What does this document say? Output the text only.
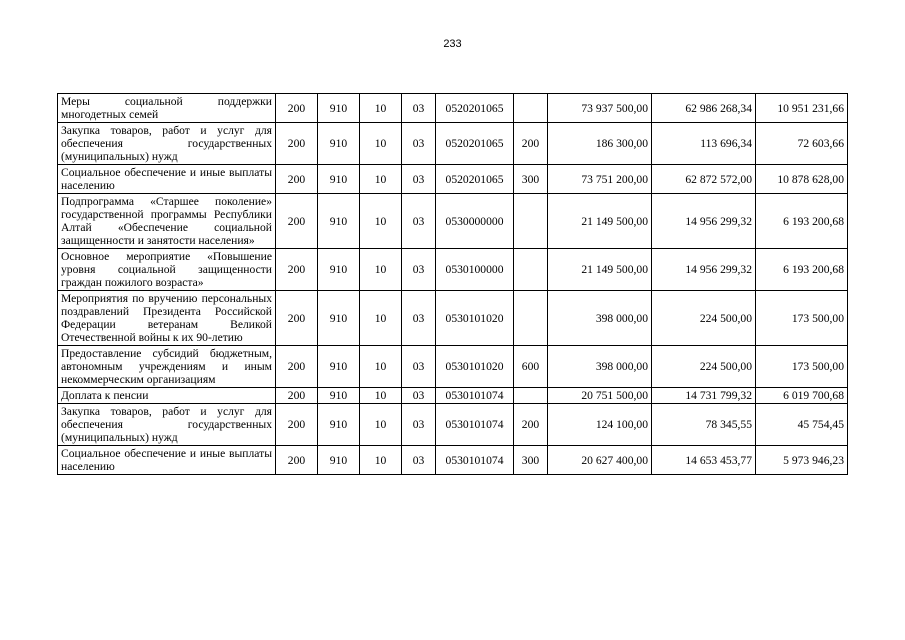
233
Меры социальной поддержки многодетных семей	200	910	10	03	0520201065		73 937 500,00	62 986 268,34	10 951 231,66
Закупка товаров, работ и услуг для обеспечения государственных (муниципальных) нужд	200	910	10	03	0520201065	200	186 300,00	113 696,34	72 603,66
Социальное обеспечение и иные выплаты населению	200	910	10	03	0520201065	300	73 751 200,00	62 872 572,00	10 878 628,00
Подпрограмма «Старшее поколение» государственной программы Республики Алтай «Обеспечение социальной защищенности и занятости населения»	200	910	10	03	0530000000		21 149 500,00	14 956 299,32	6 193 200,68
Основное мероприятие «Повышение уровня социальной защищенности граждан пожилого возраста»	200	910	10	03	0530100000		21 149 500,00	14 956 299,32	6 193 200,68
Мероприятия по вручению персональных поздравлений Президента Российской Федерации ветеранам Великой Отечественной войны к их 90-летию	200	910	10	03	0530101020		398 000,00	224 500,00	173 500,00
Предоставление субсидий бюджетным, автономным учреждениям и иным некоммерческим организациям	200	910	10	03	0530101020	600	398 000,00	224 500,00	173 500,00
Доплата к пенсии	200	910	10	03	0530101074		20 751 500,00	14 731 799,32	6 019 700,68
Закупка товаров, работ и услуг для обеспечения государственных (муниципальных) нужд	200	910	10	03	0530101074	200	124 100,00	78 345,55	45 754,45
Социальное обеспечение и иные выплаты населению	200	910	10	03	0530101074	300	20 627 400,00	14 653 453,77	5 973 946,23
